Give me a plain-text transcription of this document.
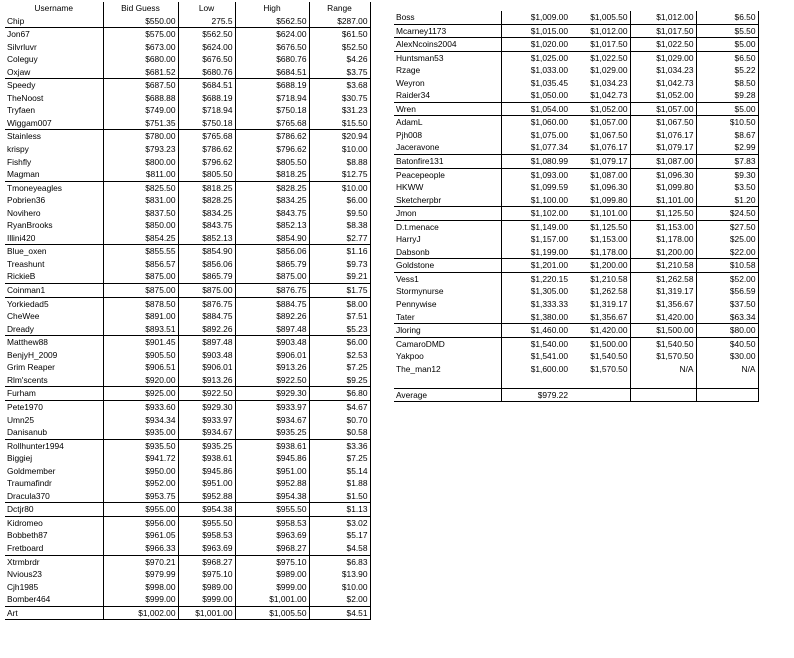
Username	Bid Guess	Low	High	Range
Chip	$550.00	275.5	$562.50	$287.00
Jon67	$575.00	$562.50	$624.00	$61.50
Silvrluvr	$673.00	$624.00	$676.50	$52.50
Coleguy	$680.00	$676.50	$680.76	$4.26
Oxjaw	$681.52	$680.76	$684.51	$3.75
Speedy	$687.50	$684.51	$688.19	$3.68
TheNoost	$688.88	$688.19	$718.94	$30.75
Tryfaen	$749.00	$718.94	$750.18	$31.23
Wiggam007	$751.35	$750.18	$765.68	$15.50
Stainless	$780.00	$765.68	$786.62	$20.94
krispy	$793.23	$786.62	$796.62	$10.00
Fishfly	$800.00	$796.62	$805.50	$8.88
Magman	$811.00	$805.50	$818.25	$12.75
Tmoneyeagles	$825.50	$818.25	$828.25	$10.00
Pobrien36	$831.00	$828.25	$834.25	$6.00
Novihero	$837.50	$834.25	$843.75	$9.50
RyanBrooks	$850.00	$843.75	$852.13	$8.38
Illini420	$854.25	$852.13	$854.90	$2.77
Blue_oxen	$855.55	$854.90	$856.06	$1.16
Treashunt	$856.57	$856.06	$865.79	$9.73
RickieB	$875.00	$865.79	$875.00	$9.21
Coinman1	$875.00	$875.00	$876.75	$1.75
Yorkiedad5	$878.50	$876.75	$884.75	$8.00
CheWee	$891.00	$884.75	$892.26	$7.51
Dready	$893.51	$892.26	$897.48	$5.23
Matthew88	$901.45	$897.48	$903.48	$6.00
BenjyH_2009	$905.50	$903.48	$906.01	$2.53
Grim Reaper	$906.51	$906.01	$913.26	$7.25
Rlm'scents	$920.00	$913.26	$922.50	$9.25
Furham	$925.00	$922.50	$929.30	$6.80
Pete1970	$933.60	$929.30	$933.97	$4.67
Umn25	$934.34	$933.97	$934.67	$0.70
Danisanub	$935.00	$934.67	$935.25	$0.58
Rollhunter1994	$935.50	$935.25	$938.61	$3.36
Biggiej	$941.72	$938.61	$945.86	$7.25
Goldmember	$950.00	$945.86	$951.00	$5.14
Traumafindr	$952.00	$951.00	$952.88	$1.88
Dracula370	$953.75	$952.88	$954.38	$1.50
Dctjr80	$955.00	$954.38	$955.50	$1.13
Kidromeo	$956.00	$955.50	$958.53	$3.02
Bobbeth87	$961.05	$958.53	$963.69	$5.17
Fretboard	$966.33	$963.69	$968.27	$4.58
Xtrmbrdr	$970.21	$968.27	$975.10	$6.83
Nvious23	$979.99	$975.10	$989.00	$13.90
Cjh1985	$998.00	$989.00	$999.00	$10.00
Bomber464	$999.00	$999.00	$1,001.00	$2.00
Art	$1,002.00	$1,001.00	$1,005.50	$4.51
Boss	$1,009.00	$1,005.50	$1,012.00	$6.50
Mcarney1173	$1,015.00	$1,012.00	$1,017.50	$5.50
AlexNcoins2004	$1,020.00	$1,017.50	$1,022.50	$5.00
Huntsman53	$1,025.00	$1,022.50	$1,029.00	$6.50
Rzage	$1,033.00	$1,029.00	$1,034.23	$5.22
Weyron	$1,035.45	$1,034.23	$1,042.73	$8.50
Raider34	$1,050.00	$1,042.73	$1,052.00	$9.28
Wren	$1,054.00	$1,052.00	$1,057.00	$5.00
AdamL	$1,060.00	$1,057.00	$1,067.50	$10.50
Pjh008	$1,075.00	$1,067.50	$1,076.17	$8.67
Jaceravone	$1,077.34	$1,076.17	$1,079.17	$2.99
Batonfire131	$1,080.99	$1,079.17	$1,087.00	$7.83
Peacepeople	$1,093.00	$1,087.00	$1,096.30	$9.30
HKWW	$1,099.59	$1,096.30	$1,099.80	$3.50
Sketcherpbr	$1,100.00	$1,099.80	$1,101.00	$1.20
Jmon	$1,102.00	$1,101.00	$1,125.50	$24.50
D.t.menace	$1,149.00	$1,125.50	$1,153.00	$27.50
HarryJ	$1,157.00	$1,153.00	$1,178.00	$25.00
Dabsonb	$1,199.00	$1,178.00	$1,200.00	$22.00
Goldstone	$1,201.00	$1,200.00	$1,210.58	$10.58
Vess1	$1,220.15	$1,210.58	$1,262.58	$52.00
Stormynurse	$1,305.00	$1,262.58	$1,319.17	$56.59
Pennywise	$1,333.33	$1,319.17	$1,356.67	$37.50
Tater	$1,380.00	$1,356.67	$1,420.00	$63.34
Jloring	$1,460.00	$1,420.00	$1,500.00	$80.00
CamaroDMD	$1,540.00	$1,500.00	$1,540.50	$40.50
Yakpoo	$1,541.00	$1,540.50	$1,570.50	$30.00
The_man12	$1,600.00	$1,570.50	N/A	N/A

Average	$979.22			
